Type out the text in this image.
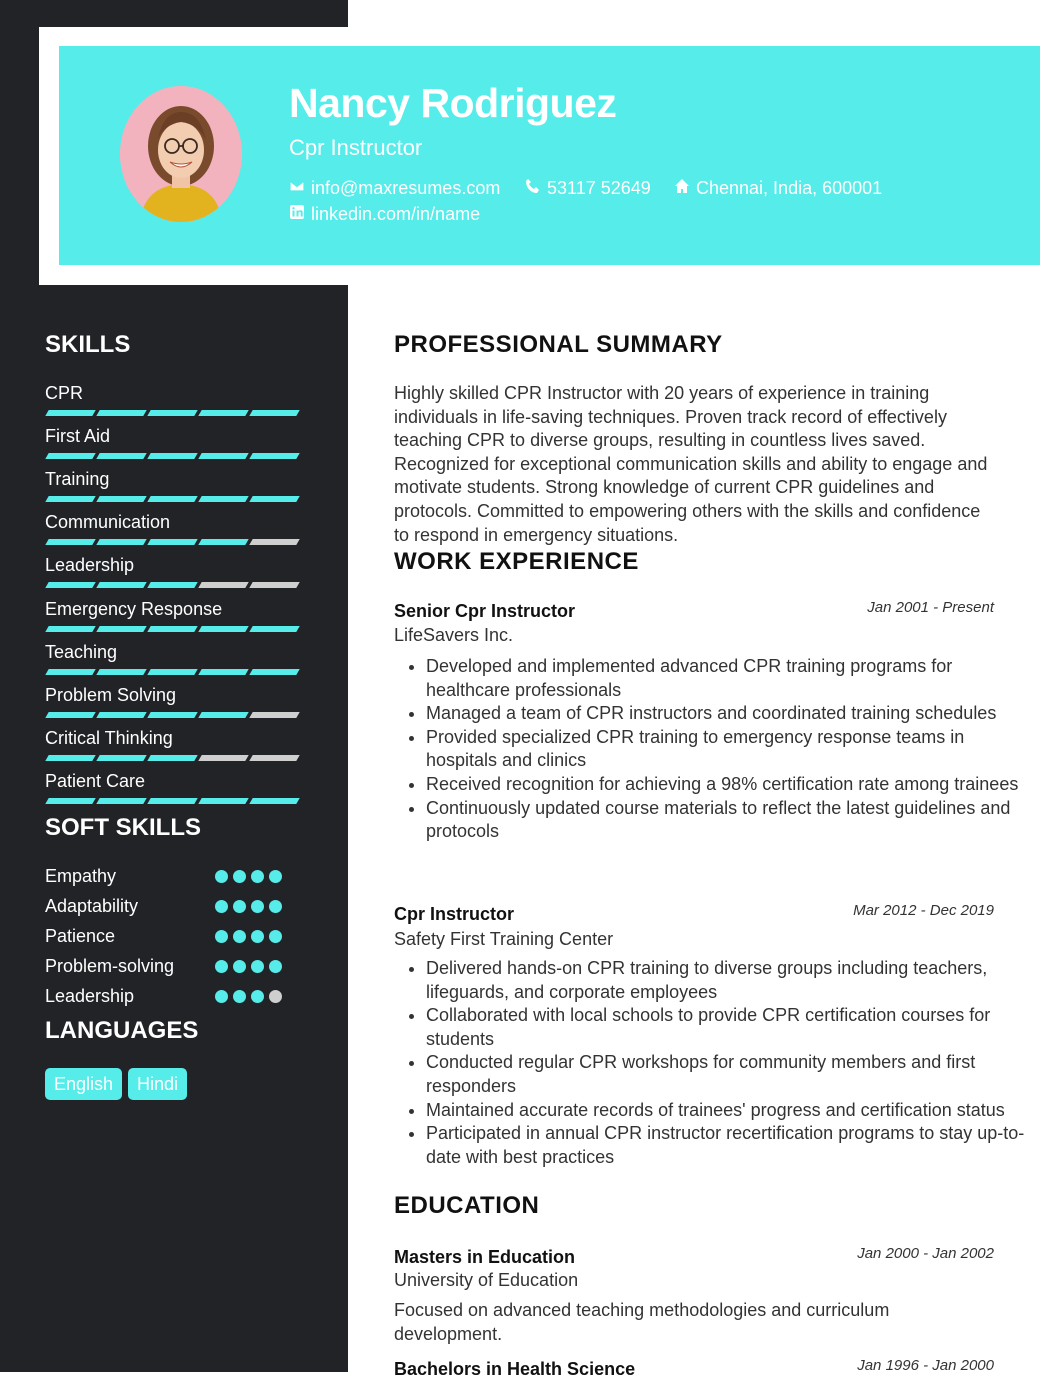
Nancy Rodriguez
Cpr Instructor
info@maxresumes.com	53117 52649	Chennai, India, 600001
linkedin.com/in/name
SKILLS
CPR
First Aid
Training
Communication
Leadership
Emergency Response
Teaching
Problem Solving
Critical Thinking
Patient Care
SOFT SKILLS
Empathy
Adaptability
Patience
Problem-solving
Leadership
LANGUAGES
English	Hindi
PROFESSIONAL SUMMARY

Highly skilled CPR Instructor with 20 years of experience in training individuals in life-saving techniques. Proven track record of effectively teaching CPR to diverse groups, resulting in countless lives saved. Recognized for exceptional communication skills and ability to engage and motivate students. Strong knowledge of current CPR guidelines and protocols. Committed to empowering others with the skills and confidence to respond in emergency situations.

WORK EXPERIENCE
Senior Cpr Instructor	Jan 2001 - Present
LifeSavers Inc.
• Developed and implemented advanced CPR training programs for healthcare professionals
• Managed a team of CPR instructors and coordinated training schedules
• Provided specialized CPR training to emergency response teams in hospitals and clinics
• Received recognition for achieving a 98% certification rate among trainees
• Continuously updated course materials to reflect the latest guidelines and protocols
Cpr Instructor	Mar 2012 - Dec 2019
Safety First Training Center
• Delivered hands-on CPR training to diverse groups including teachers, lifeguards, and corporate employees
• Collaborated with local schools to provide CPR certification courses for students
• Conducted regular CPR workshops for community members and first responders
• Maintained accurate records of trainees' progress and certification status
• Participated in annual CPR instructor recertification programs to stay up-to-date with best practices
EDUCATION
Masters in Education	Jan 2000 - Jan 2002
University of Education

Focused on advanced teaching methodologies and curriculum development.

Bachelors in Health Science	Jan 1996 - Jan 2000
